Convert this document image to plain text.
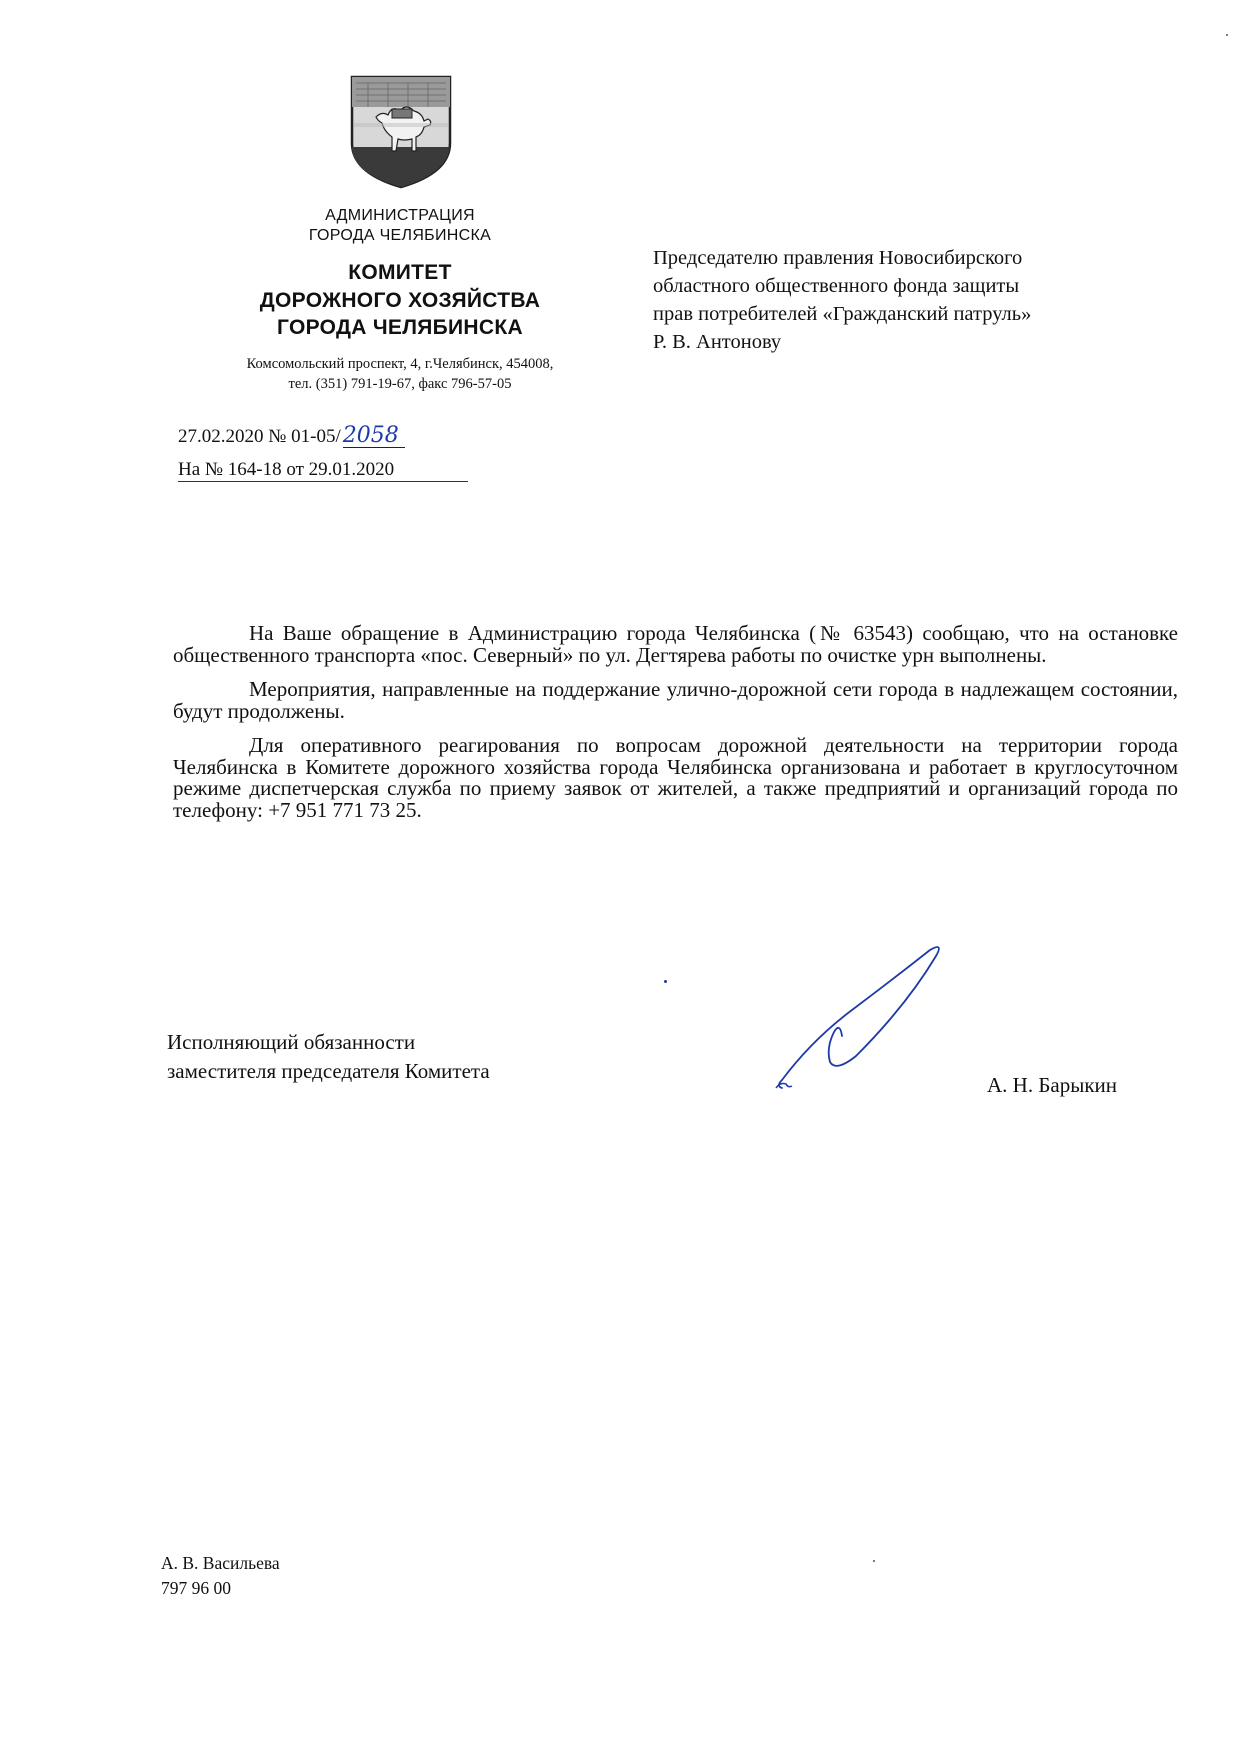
АДМИНИСТРАЦИЯ
ГОРОДА ЧЕЛЯБИНСКА
КОМИТЕТ
ДОРОЖНОГО ХОЗЯЙСТВА
ГОРОДА ЧЕЛЯБИНСКА
Комсомольский проспект, 4, г.Челябинск, 454008,
тел. (351) 791-19-67, факс 796-57-05
27.02.2020 № 01-05/2058
На № 164-18 от 29.01.2020
Председателю правления Новосибирского
областного общественного фонда защиты
прав потребителей «Гражданский патруль»
Р. В. Антонову

На Ваше обращение в Администрацию города Челябинска (№ 63543) сообщаю, что на остановке общественного транспорта «пос. Северный» по ул. Дегтярева работы по очистке урн выполнены.

Мероприятия, направленные на поддержание улично-дорожной сети города в надлежащем состоянии, будут продолжены.

Для оперативного реагирования по вопросам дорожной деятельности на территории города Челябинска в Комитете дорожного хозяйства города Челябинска организована и работает в круглосуточном режиме диспетчерская служба по приему заявок от жителей, а также предприятий и организаций города по телефону: +7 951 771 73 25.

Исполняющий обязанности
заместителя председателя Комитета
А. Н. Барыкин
А. В. Васильева
797 96 00
